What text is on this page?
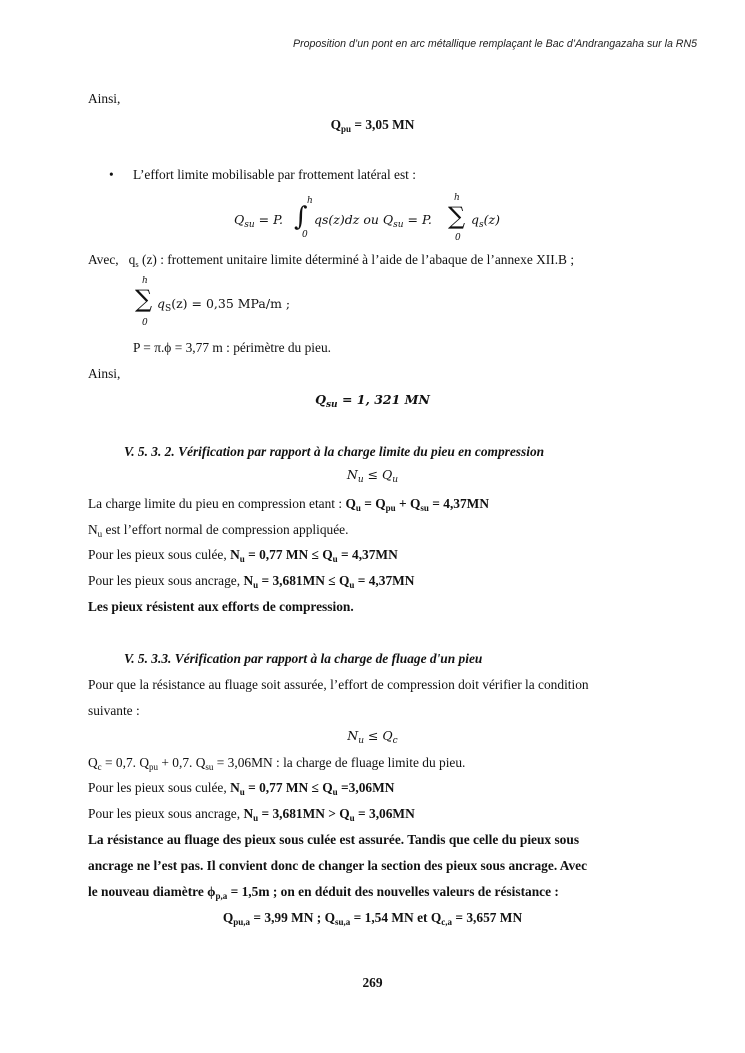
Proposition d’un pont en arc métallique remplaçant le Bac d’Andrangazaha sur la RN5
Ainsi,
$Q_{pu} = 3,05$ MN
• L’effort limite mobilisable par frottement latéral est :
$Q_{su} = P$.
h
∫
0
qs(z)dz ou $Q_{su} = P$.
h
∑
0
$q_s(z)$
Avec, $q_s$ (z) : frottement unitaire limite déterminé à l’aide de l’abaque de l’annexe XII.B ;
h
∑
0
$q_S(z) = 0,35$ MPa/m ;
P = π.ϕ = 3,77 m : périmètre du pieu.
Ainsi,
$Q_{su} = 1$, 321 MN
V. 5. 3. 2. Vérification par rapport à la charge limite du pieu en compression
$N_u \le Q_u$
La charge limite du pieu en compression etant : $Q_u = Q_{pu} + Q_{su} = 4,37MN$
$N_u$ est l’effort normal de compression appliquée.
Pour les pieux sous culée, $N_u = 0,77$ MN ≤ $Q_u = 4,37MN$
Pour les pieux sous ancrage, $N_u = 3,681MN \le Q_u = 4,37MN$
Les pieux résistent aux efforts de compression.
V. 5. 3.3. Vérification par rapport à la charge de fluage d'un pieu
Pour que la résistance au fluage soit assurée, l’effort de compression doit vérifier la condition
suivante :
$N_u \le Q_c$
$Q_c = 0,7$. $Q_{pu} + 0,7$. $Q_{su} = 3,06MN$ : la charge de fluage limite du pieu.
Pour les pieux sous culée, $N_u = 0,77$ MN ≤ $Q_u =3,06MN$
Pour les pieux sous ancrage, $N_u = 3,681MN > Q_u = 3,06MN$
La résistance au fluage des pieux sous culée est assurée. Tandis que celle du pieux sous
ancrage ne l’est pas. Il convient donc de changer la section des pieux sous ancrage. Avec
le nouveau diamètre $\phi_{p,a} = 1,5m$ ; on en déduit des nouvelles valeurs de résistance :
$Q_{pu,a} = 3,99$ MN ; $Q_{su,a} = 1,54$ MN et $Q_{c,a} = 3,657$ MN
269
